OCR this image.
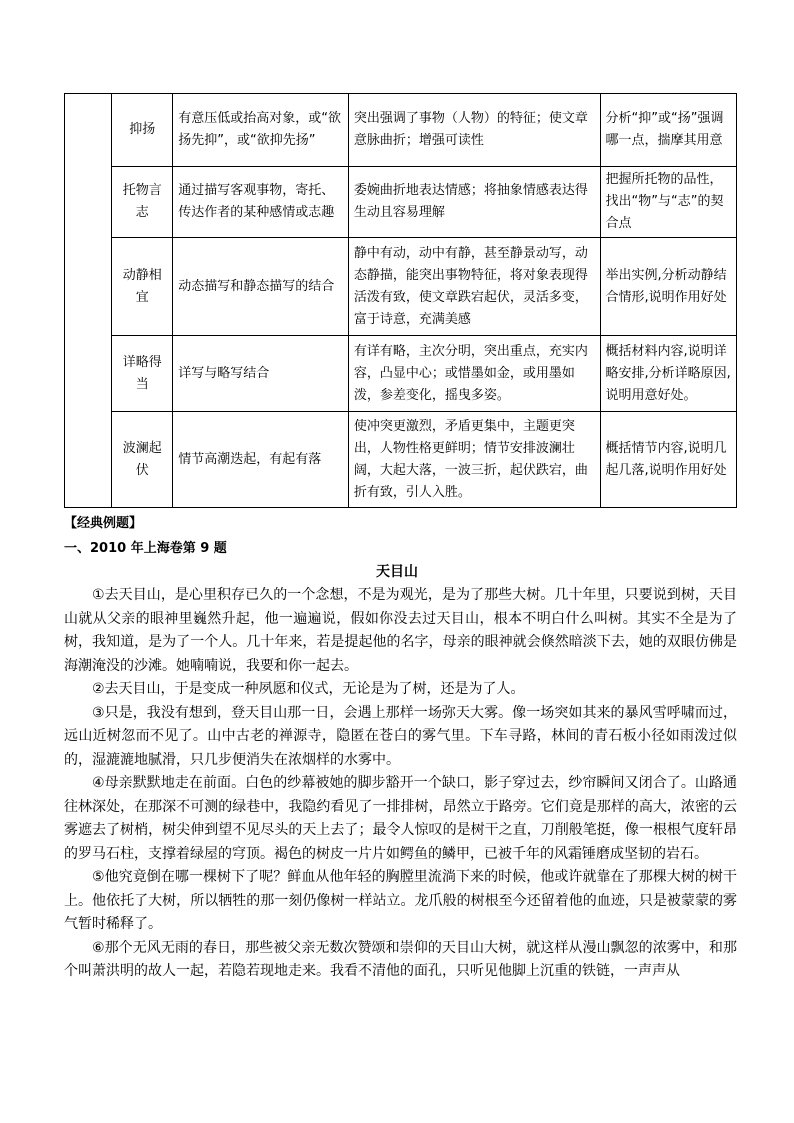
	抑扬	有意压低或抬高对象，或“欲扬先抑”，或“欲抑先扬”	突出强调了事物（人物）的特征；使文章意脉曲折；增强可读性	分析“抑”或“扬”强调哪一点，揣摩其用意
	托物言志	通过描写客观事物，寄托、传达作者的某种感情或志趣	委婉曲折地表达情感；将抽象情感表达得生动且容易理解	把握所托物的品性，找出“物”与“志”的契合点
	动静相宜	动态描写和静态描写的结合	静中有动，动中有静，甚至静景动写，动态静描，能突出事物特征，将对象表现得活泼有致，使文章跌宕起伏，灵活多变，富于诗意，充满美感	举出实例,分析动静结合情形,说明作用好处
	详略得当	详写与略写结合	有详有略，主次分明，突出重点，充实内容，凸显中心；或惜墨如金，或用墨如泼，参差变化，摇曳多姿。	概括材料内容,说明详略安排,分析详略原因,说明用意好处。
	波澜起伏	情节高潮迭起，有起有落	使冲突更激烈，矛盾更集中，主题更突出，人物性格更鲜明；情节安排波澜壮阔，大起大落，一波三折，起伏跌宕，曲折有致，引人入胜。	概括情节内容,说明几起几落,说明作用好处
【经典例题】
一、2010 年上海卷第 9 题
天目山

①去天目山，是心里积存已久的一个念想，不是为观光，是为了那些大树。几十年里，只要说到树，天目山就从父亲的眼神里巍然升起，他一遍遍说，假如你没去过天目山，根本不明白什么叫树。其实不全是为了树，我知道，是为了一个人。几十年来，若是提起他的名字，母亲的眼神就会倏然暗淡下去，她的双眼仿佛是海潮淹没的沙滩。她喃喃说，我要和你一起去。

②去天目山，于是变成一种夙愿和仪式，无论是为了树，还是为了人。

③只是，我没有想到，登天目山那一日，会遇上那样一场弥天大雾。像一场突如其来的暴风雪呼啸而过，远山近树忽而不见了。山中古老的禅源寺，隐匿在苍白的雾气里。下车寻路，林间的青石板小径如雨泼过似的，湿漉漉地腻滑，只几步便消失在浓烟样的水雾中。

④母亲默默地走在前面。白色的纱幕被她的脚步豁开一个缺口，影子穿过去，纱帘瞬间又闭合了。山路通往林深处，在那深不可测的绿巷中，我隐约看见了一排排树，昂然立于路旁。它们竟是那样的高大，浓密的云雾遮去了树梢，树尖伸到望不见尽头的天上去了；最令人惊叹的是树干之直，刀削般笔挺，像一根根气度轩昂的罗马石柱，支撑着绿屋的穹顶。褐色的树皮一片片如鳄鱼的鳞甲，已被千年的风霜锤磨成坚韧的岩石。

⑤他究竟倒在哪一棵树下了呢？鲜血从他年轻的胸膛里流淌下来的时候，他或许就靠在了那棵大树的树干上。他依托了大树，所以牺牲的那一刻仍像树一样站立。龙爪般的树根至今还留着他的血迹，只是被蒙蒙的雾气暂时稀释了。

⑥那个无风无雨的春日，那些被父亲无数次赞颂和崇仰的天目山大树，就这样从漫山飘忽的浓雾中，和那个叫萧洪明的故人一起，若隐若现地走来。我看不清他的面孔，只听见他脚上沉重的铁链，一声声从
